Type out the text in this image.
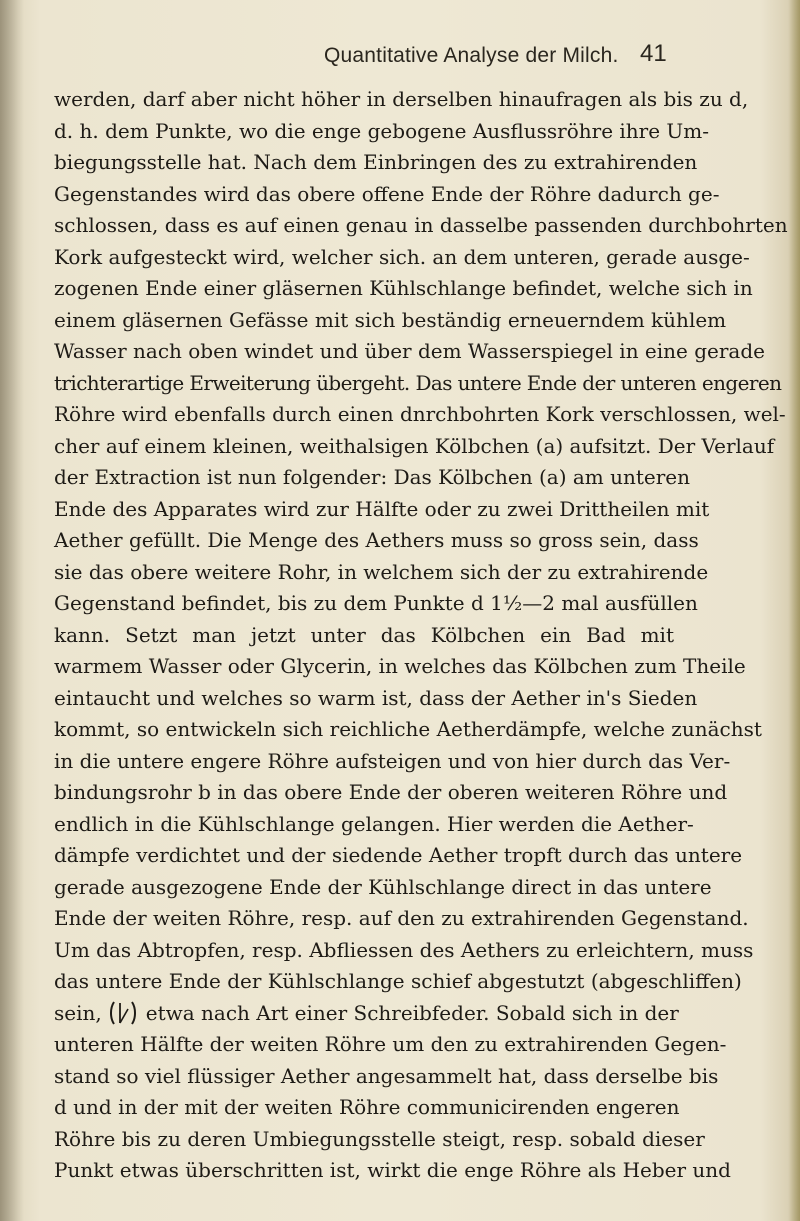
Quantitative Analyse der Milch. 41
werden, darf aber nicht höher in derselben hinaufragen als bis zu d,
d. h. dem Punkte, wo die enge gebogene Ausflussröhre ihre Um-
biegungsstelle hat. Nach dem Einbringen des zu extrahirenden
Gegenstandes wird das obere offene Ende der Röhre dadurch ge-
schlossen, dass es auf einen genau in dasselbe passenden durchbohrten
Kork aufgesteckt wird, welcher sich. an dem unteren, gerade ausge-
zogenen Ende einer gläsernen Kühlschlange befindet, welche sich in
einem gläsernen Gefässe mit sich beständig erneuerndem kühlem
Wasser nach oben windet und über dem Wasserspiegel in eine gerade
trichterartige Erweiterung übergeht. Das untere Ende der unteren engeren
Röhre wird ebenfalls durch einen dnrchbohrten Kork verschlossen, wel-
cher auf einem kleinen, weithalsigen Kölbchen (a) aufsitzt. Der Verlauf
der Extraction ist nun folgender: Das Kölbchen (a) am unteren
Ende des Apparates wird zur Hälfte oder zu zwei Drittheilen mit
Aether gefüllt. Die Menge des Aethers muss so gross sein, dass
sie das obere weitere Rohr, in welchem sich der zu extrahirende
Gegenstand befindet, bis zu dem Punkte d 1½—2 mal ausfüllen
kann. Setzt man jetzt unter das Kölbchen ein Bad mit
warmem Wasser oder Glycerin, in welches das Kölbchen zum Theile
eintaucht und welches so warm ist, dass der Aether in's Sieden
kommt, so entwickeln sich reichliche Aetherdämpfe, welche zunächst
in die untere engere Röhre aufsteigen und von hier durch das Ver-
bindungsrohr b in das obere Ende der oberen weiteren Röhre und
endlich in die Kühlschlange gelangen. Hier werden die Aether-
dämpfe verdichtet und der siedende Aether tropft durch das untere
gerade ausgezogene Ende der Kühlschlange direct in das untere
Ende der weiten Röhre, resp. auf den zu extrahirenden Gegenstand.
Um das Abtropfen, resp. Abfliessen des Aethers zu erleichtern, muss
das untere Ende der Kühlschlange schief abgestutzt (abgeschliffen)
sein, etwa nach Art einer Schreibfeder. Sobald sich in der
unteren Hälfte der weiten Röhre um den zu extrahirenden Gegen-
stand so viel flüssiger Aether angesammelt hat, dass derselbe bis
d und in der mit der weiten Röhre communicirenden engeren
Röhre bis zu deren Umbiegungsstelle steigt, resp. sobald dieser
Punkt etwas überschritten ist, wirkt die enge Röhre als Heber und
